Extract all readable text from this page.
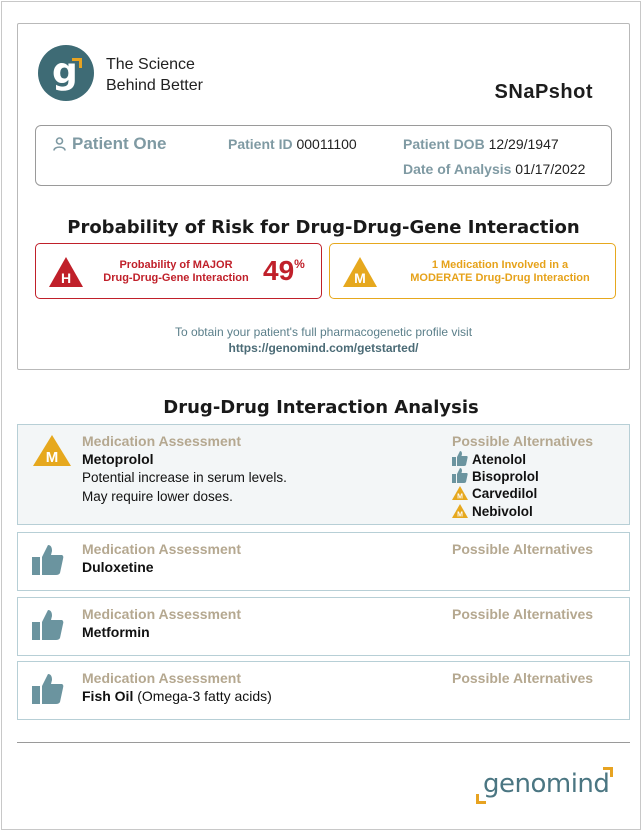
g The Science
Behind Better	SNaPshot
Patient One	Patient ID 00011100	Patient DOB 12/29/1947
Date of Analysis 01/17/2022
Probability of Risk for Drug-Drug-Gene Interaction
H
Probability of MAJOR
Drug-Drug-Gene Interaction 49%
M
1 Medication Involved in a
MODERATE Drug-Drug Interaction
To obtain your patient's full pharmacogenetic profile visit
https://genomind.com/getstarted/
Drug-Drug Interaction Analysis
M
Medication Assessment	Possible Alternatives
Metoprolol
Potential increase in serum levels.
May require lower doses.
Atenolol
Bisoprolol
M Carvedilol
M Nebivolol
Medication Assessment	Possible Alternatives
Duloxetine
Medication Assessment	Possible Alternatives
Metformin
Medication Assessment	Possible Alternatives
Fish Oil (Omega-3 fatty acids)
genomind
